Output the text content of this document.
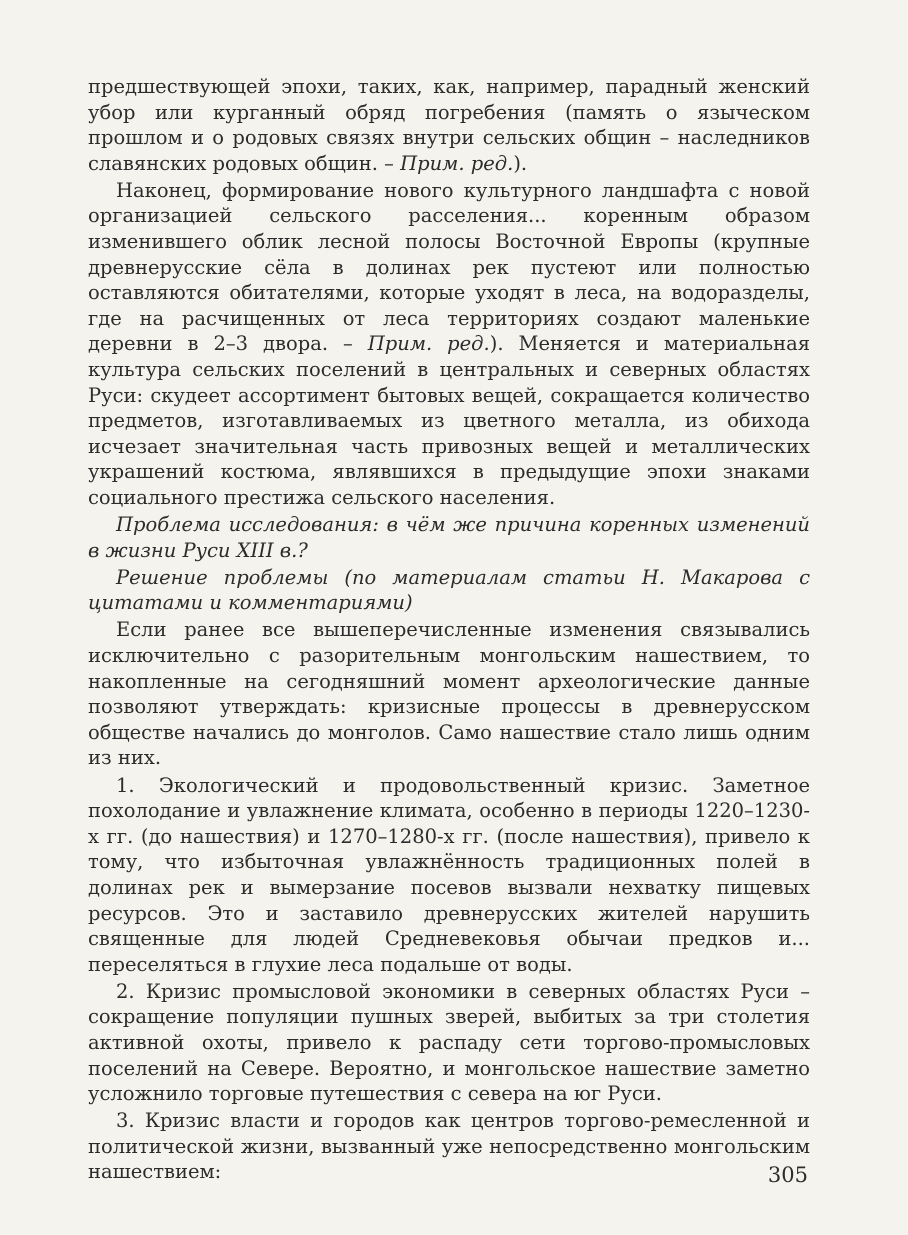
предшествующей эпохи, таких, как, например, парадный женский убор или курганный обряд погребения (память о языческом прошлом и о родовых связях внутри сельских общин – наследников славянских родовых общин. – Прим. ред.).

Наконец, формирование нового культурного ландшафта с новой организацией сельского расселения... коренным образом изменившего облик лесной полосы Восточной Европы (крупные древнерусские сёла в долинах рек пустеют или полностью оставляются обитателями, которые уходят в леса, на водоразделы, где на расчищенных от леса территориях создают маленькие деревни в 2–3 двора. – Прим. ред.). Меняется и материальная культура сельских поселений в центральных и северных областях Руси: скудеет ассортимент бытовых вещей, сокращается количество предметов, изготавливаемых из цветного металла, из обихода исчезает значительная часть привозных вещей и металлических украшений костюма, являвшихся в предыдущие эпохи знаками социального престижа сельского населения.

Проблема исследования: в чём же причина коренных изменений в жизни Руси XIII в.?

Решение проблемы (по материалам статьи Н. Макарова с цитатами и комментариями)

Если ранее все вышеперечисленные изменения связывались исключительно с разорительным монгольским нашествием, то накопленные на сегодняшний момент археологические данные позволяют утверждать: кризисные процессы в древнерусском обществе начались до монголов. Само нашествие стало лишь одним из них.

1. Экологический и продовольственный кризис. Заметное похолодание и увлажнение климата, особенно в периоды 1220–1230-х гг. (до нашествия) и 1270–1280-х гг. (после нашествия), привело к тому, что избыточная увлажнённость традиционных полей в долинах рек и вымерзание посевов вызвали нехватку пищевых ресурсов. Это и заставило древнерусских жителей нарушить священные для людей Средневековья обычаи предков и... переселяться в глухие леса подальше от воды.

2. Кризис промысловой экономики в северных областях Руси – сокращение популяции пушных зверей, выбитых за три столетия активной охоты, привело к распаду сети торгово-промысловых поселений на Севере. Вероятно, и монгольское нашествие заметно усложнило торговые путешествия с севера на юг Руси.

3. Кризис власти и городов как центров торгово-ремесленной и политической жизни, вызванный уже непосредственно монгольским нашествием:	305
